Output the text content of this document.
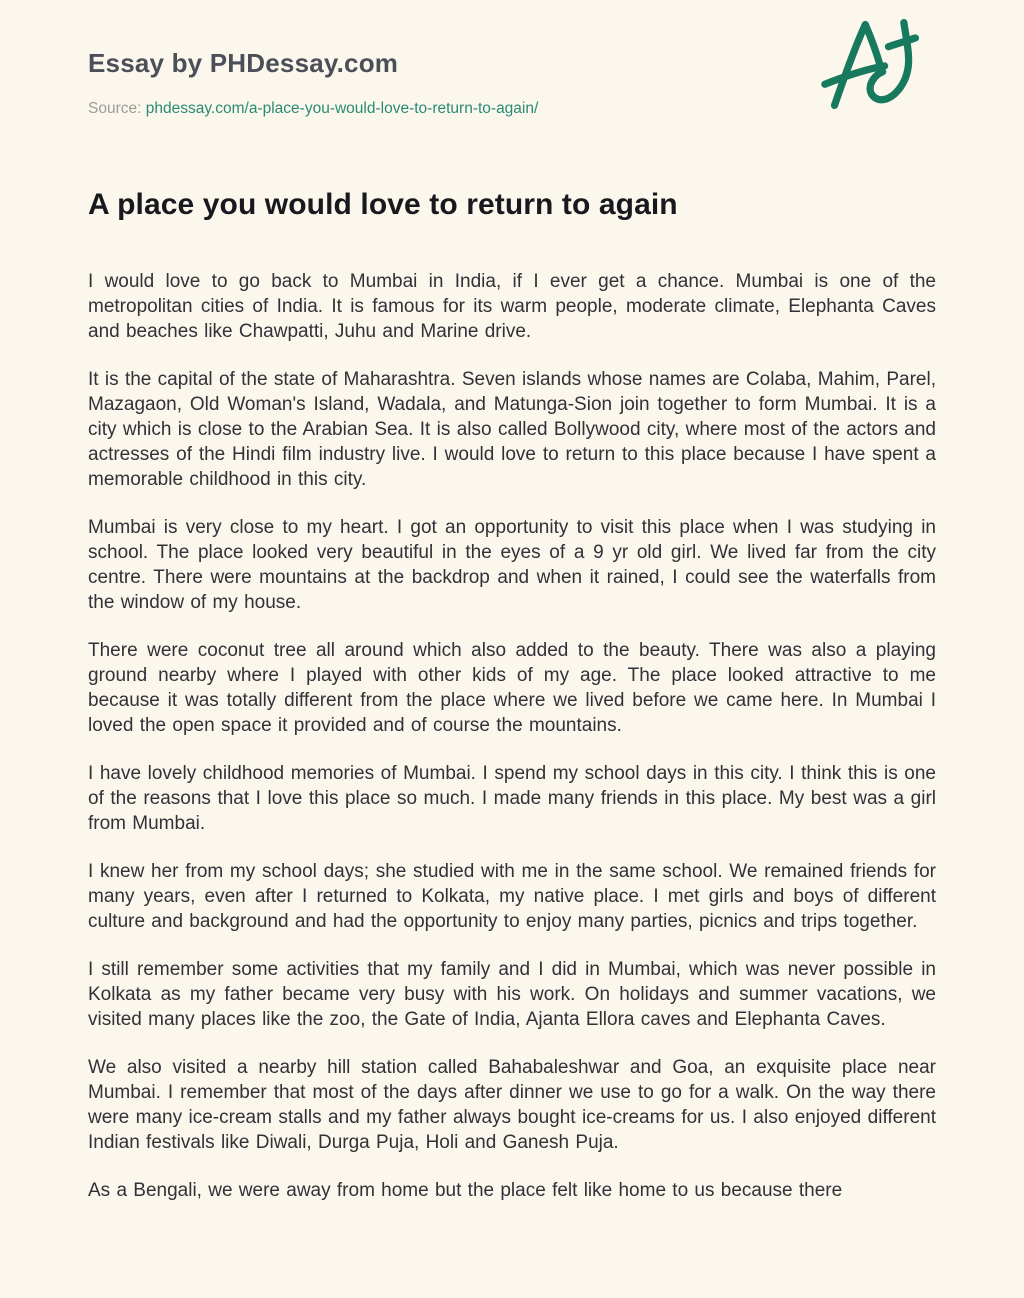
Essay by PHDessay.com
Source: phdessay.com/a-place-you-would-love-to-return-to-again/
A place you would love to return to again

I would love to go back to Mumbai in India, if I ever get a chance. Mumbai is one of the metropolitan cities of India. It is famous for its warm people, moderate climate, Elephanta Caves and beaches like Chawpatti, Juhu and Marine drive.

It is the capital of the state of Maharashtra. Seven islands whose names are Colaba, Mahim, Parel, Mazagaon, Old Woman's Island, Wadala, and Matunga-Sion join together to form Mumbai. It is a city which is close to the Arabian Sea. It is also called Bollywood city, where most of the actors and actresses of the Hindi film industry live. I would love to return to this place because I have spent a memorable childhood in this city.

Mumbai is very close to my heart. I got an opportunity to visit this place when I was studying in school. The place looked very beautiful in the eyes of a 9 yr old girl. We lived far from the city centre. There were mountains at the backdrop and when it rained, I could see the waterfalls from the window of my house.

There were coconut tree all around which also added to the beauty. There was also a playing ground nearby where I played with other kids of my age. The place looked attractive to me because it was totally different from the place where we lived before we came here. In Mumbai I loved the open space it provided and of course the mountains.

I have lovely childhood memories of Mumbai. I spend my school days in this city. I think this is one of the reasons that I love this place so much. I made many friends in this place. My best was a girl from Mumbai.

I knew her from my school days; she studied with me in the same school. We remained friends for many years, even after I returned to Kolkata, my native place. I met girls and boys of different culture and background and had the opportunity to enjoy many parties, picnics and trips together.

I still remember some activities that my family and I did in Mumbai, which was never possible in Kolkata as my father became very busy with his work. On holidays and summer vacations, we visited many places like the zoo, the Gate of India, Ajanta Ellora caves and Elephanta Caves.

We also visited a nearby hill station called Bahabaleshwar and Goa, an exquisite place near Mumbai. I remember that most of the days after dinner we use to go for a walk. On the way there were many ice-cream stalls and my father always bought ice-creams for us. I also enjoyed different Indian festivals like Diwali, Durga Puja, Holi and Ganesh Puja.

As a Bengali, we were away from home but the place felt like home to us because there
